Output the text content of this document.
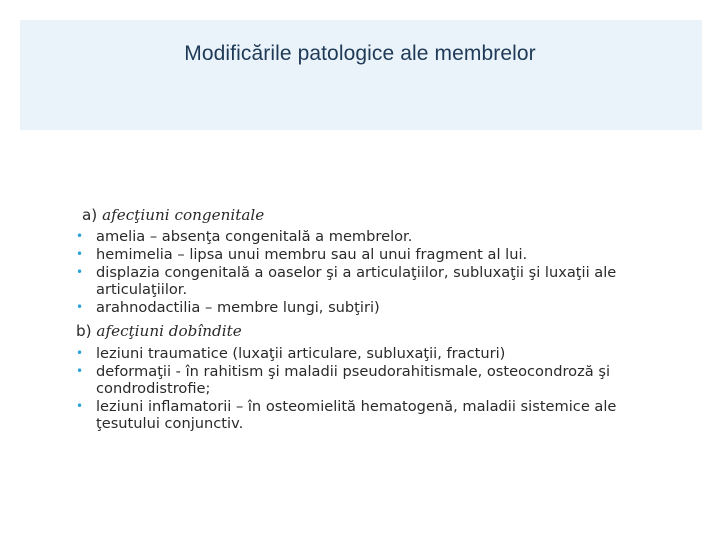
Modificările patologice ale membrelor

a) afecţiuni congenitale

• amelia – absenţa congenitală a membrelor.
• hemimelia – lipsa unui membru sau al unui fragment al lui.
• displazia congenitală a oaselor şi a articulaţiilor, subluxaţii şi luxaţii ale articulaţiilor.
• arahnodactilia – membre lungi, subţiri)

b) afecţiuni dobîndite

• leziuni traumatice (luxaţii articulare, subluxaţii, fracturi)
• deformaţii - în rahitism şi maladii pseudorahitismale, osteocondroză şi condrodistrofie;
• leziuni inflamatorii – în osteomielită hematogenă, maladii sistemice ale ţesutului conjunctiv.
